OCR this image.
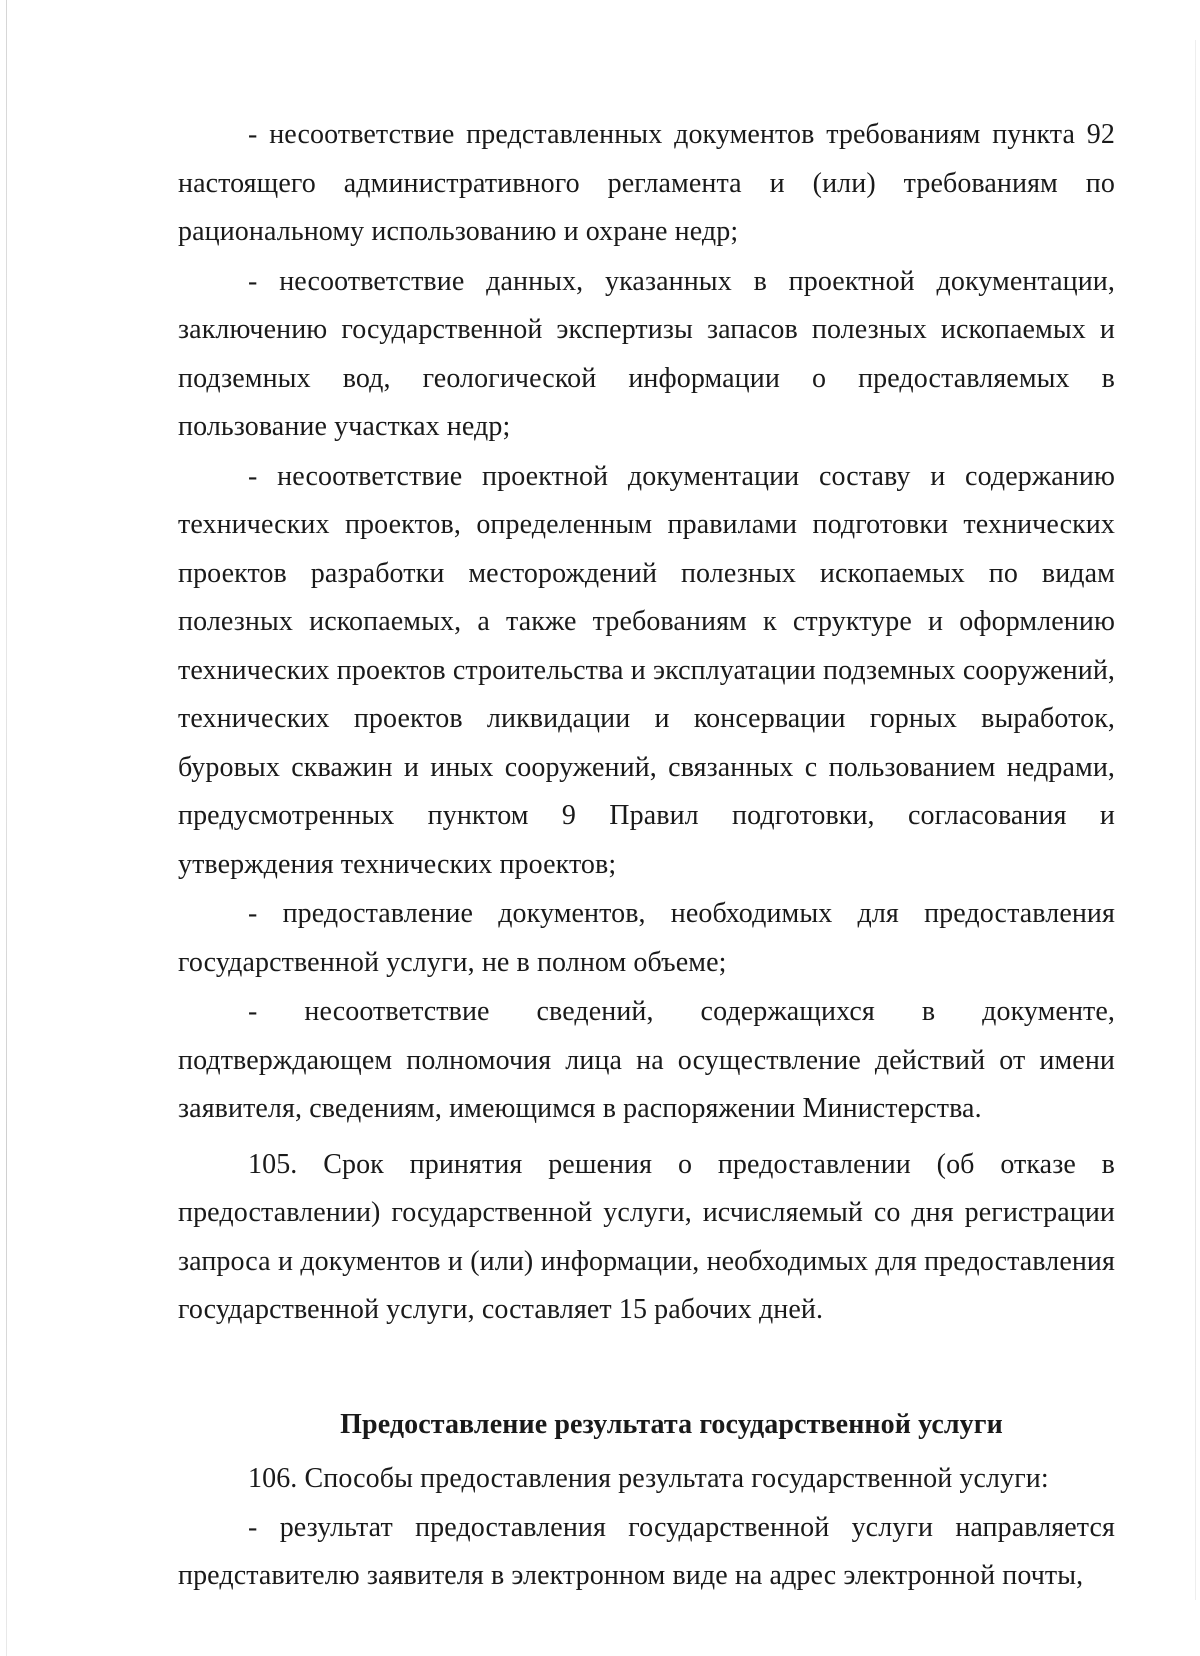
- несоответствие представленных документов требованиям пункта 92 настоящего административного регламента и (или) требованиям по рациональному использованию и охране недр;

- несоответствие данных, указанных в проектной документации, заключению государственной экспертизы запасов полезных ископаемых и подземных вод, геологической информации о предоставляемых в пользование участках недр;

- несоответствие проектной документации составу и содержанию технических проектов, определенным правилами подготовки технических проектов разработки месторождений полезных ископаемых по видам полезных ископаемых, а также требованиям к структуре и оформлению технических проектов строительства и эксплуатации подземных сооружений, технических проектов ликвидации и консервации горных выработок, буровых скважин и иных сооружений, связанных с пользованием недрами, предусмотренных пунктом 9 Правил подготовки, согласования и утверждения технических проектов;

- предоставление документов, необходимых для предоставления государственной услуги, не в полном объеме;

- несоответствие сведений, содержащихся в документе, подтверждающем полномочия лица на осуществление действий от имени заявителя, сведениям, имеющимся в распоряжении Министерства.

105. Срок принятия решения о предоставлении (об отказе в предоставлении) государственной услуги, исчисляемый со дня регистрации запроса и документов и (или) информации, необходимых для предоставления государственной услуги, составляет 15 рабочих дней.

Предоставление результата государственной услуги

106. Способы предоставления результата государственной услуги:

- результат предоставления государственной услуги направляется представителю заявителя в электронном виде на адрес электронной почты,
